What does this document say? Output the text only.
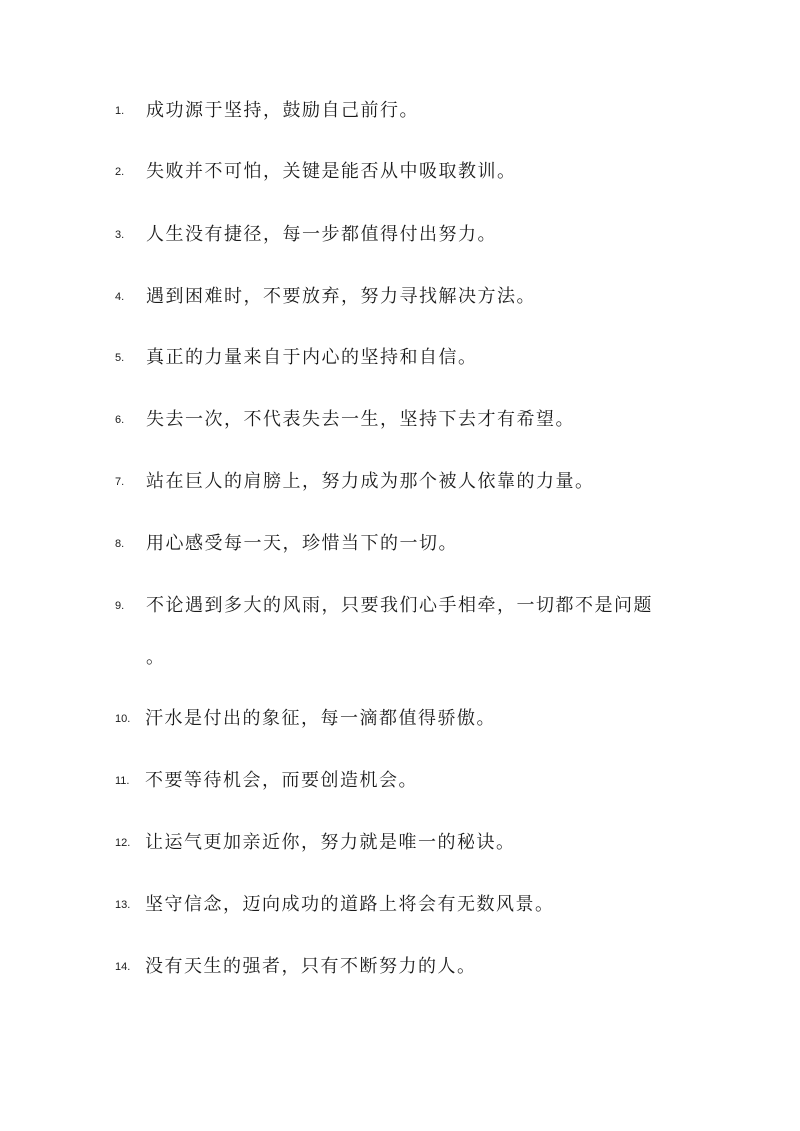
1. 成功源于坚持，鼓励自己前行。
2. 失败并不可怕，关键是能否从中吸取教训。
3. 人生没有捷径，每一步都值得付出努力。
4. 遇到困难时，不要放弃，努力寻找解决方法。
5. 真正的力量来自于内心的坚持和自信。
6. 失去一次，不代表失去一生，坚持下去才有希望。
7. 站在巨人的肩膀上，努力成为那个被人依靠的力量。
8. 用心感受每一天，珍惜当下的一切。
9. 不论遇到多大的风雨，只要我们心手相牵，一切都不是问题
。
10. 汗水是付出的象征，每一滴都值得骄傲。
11. 不要等待机会，而要创造机会。
12. 让运气更加亲近你，努力就是唯一的秘诀。
13. 坚守信念，迈向成功的道路上将会有无数风景。
14. 没有天生的强者，只有不断努力的人。
